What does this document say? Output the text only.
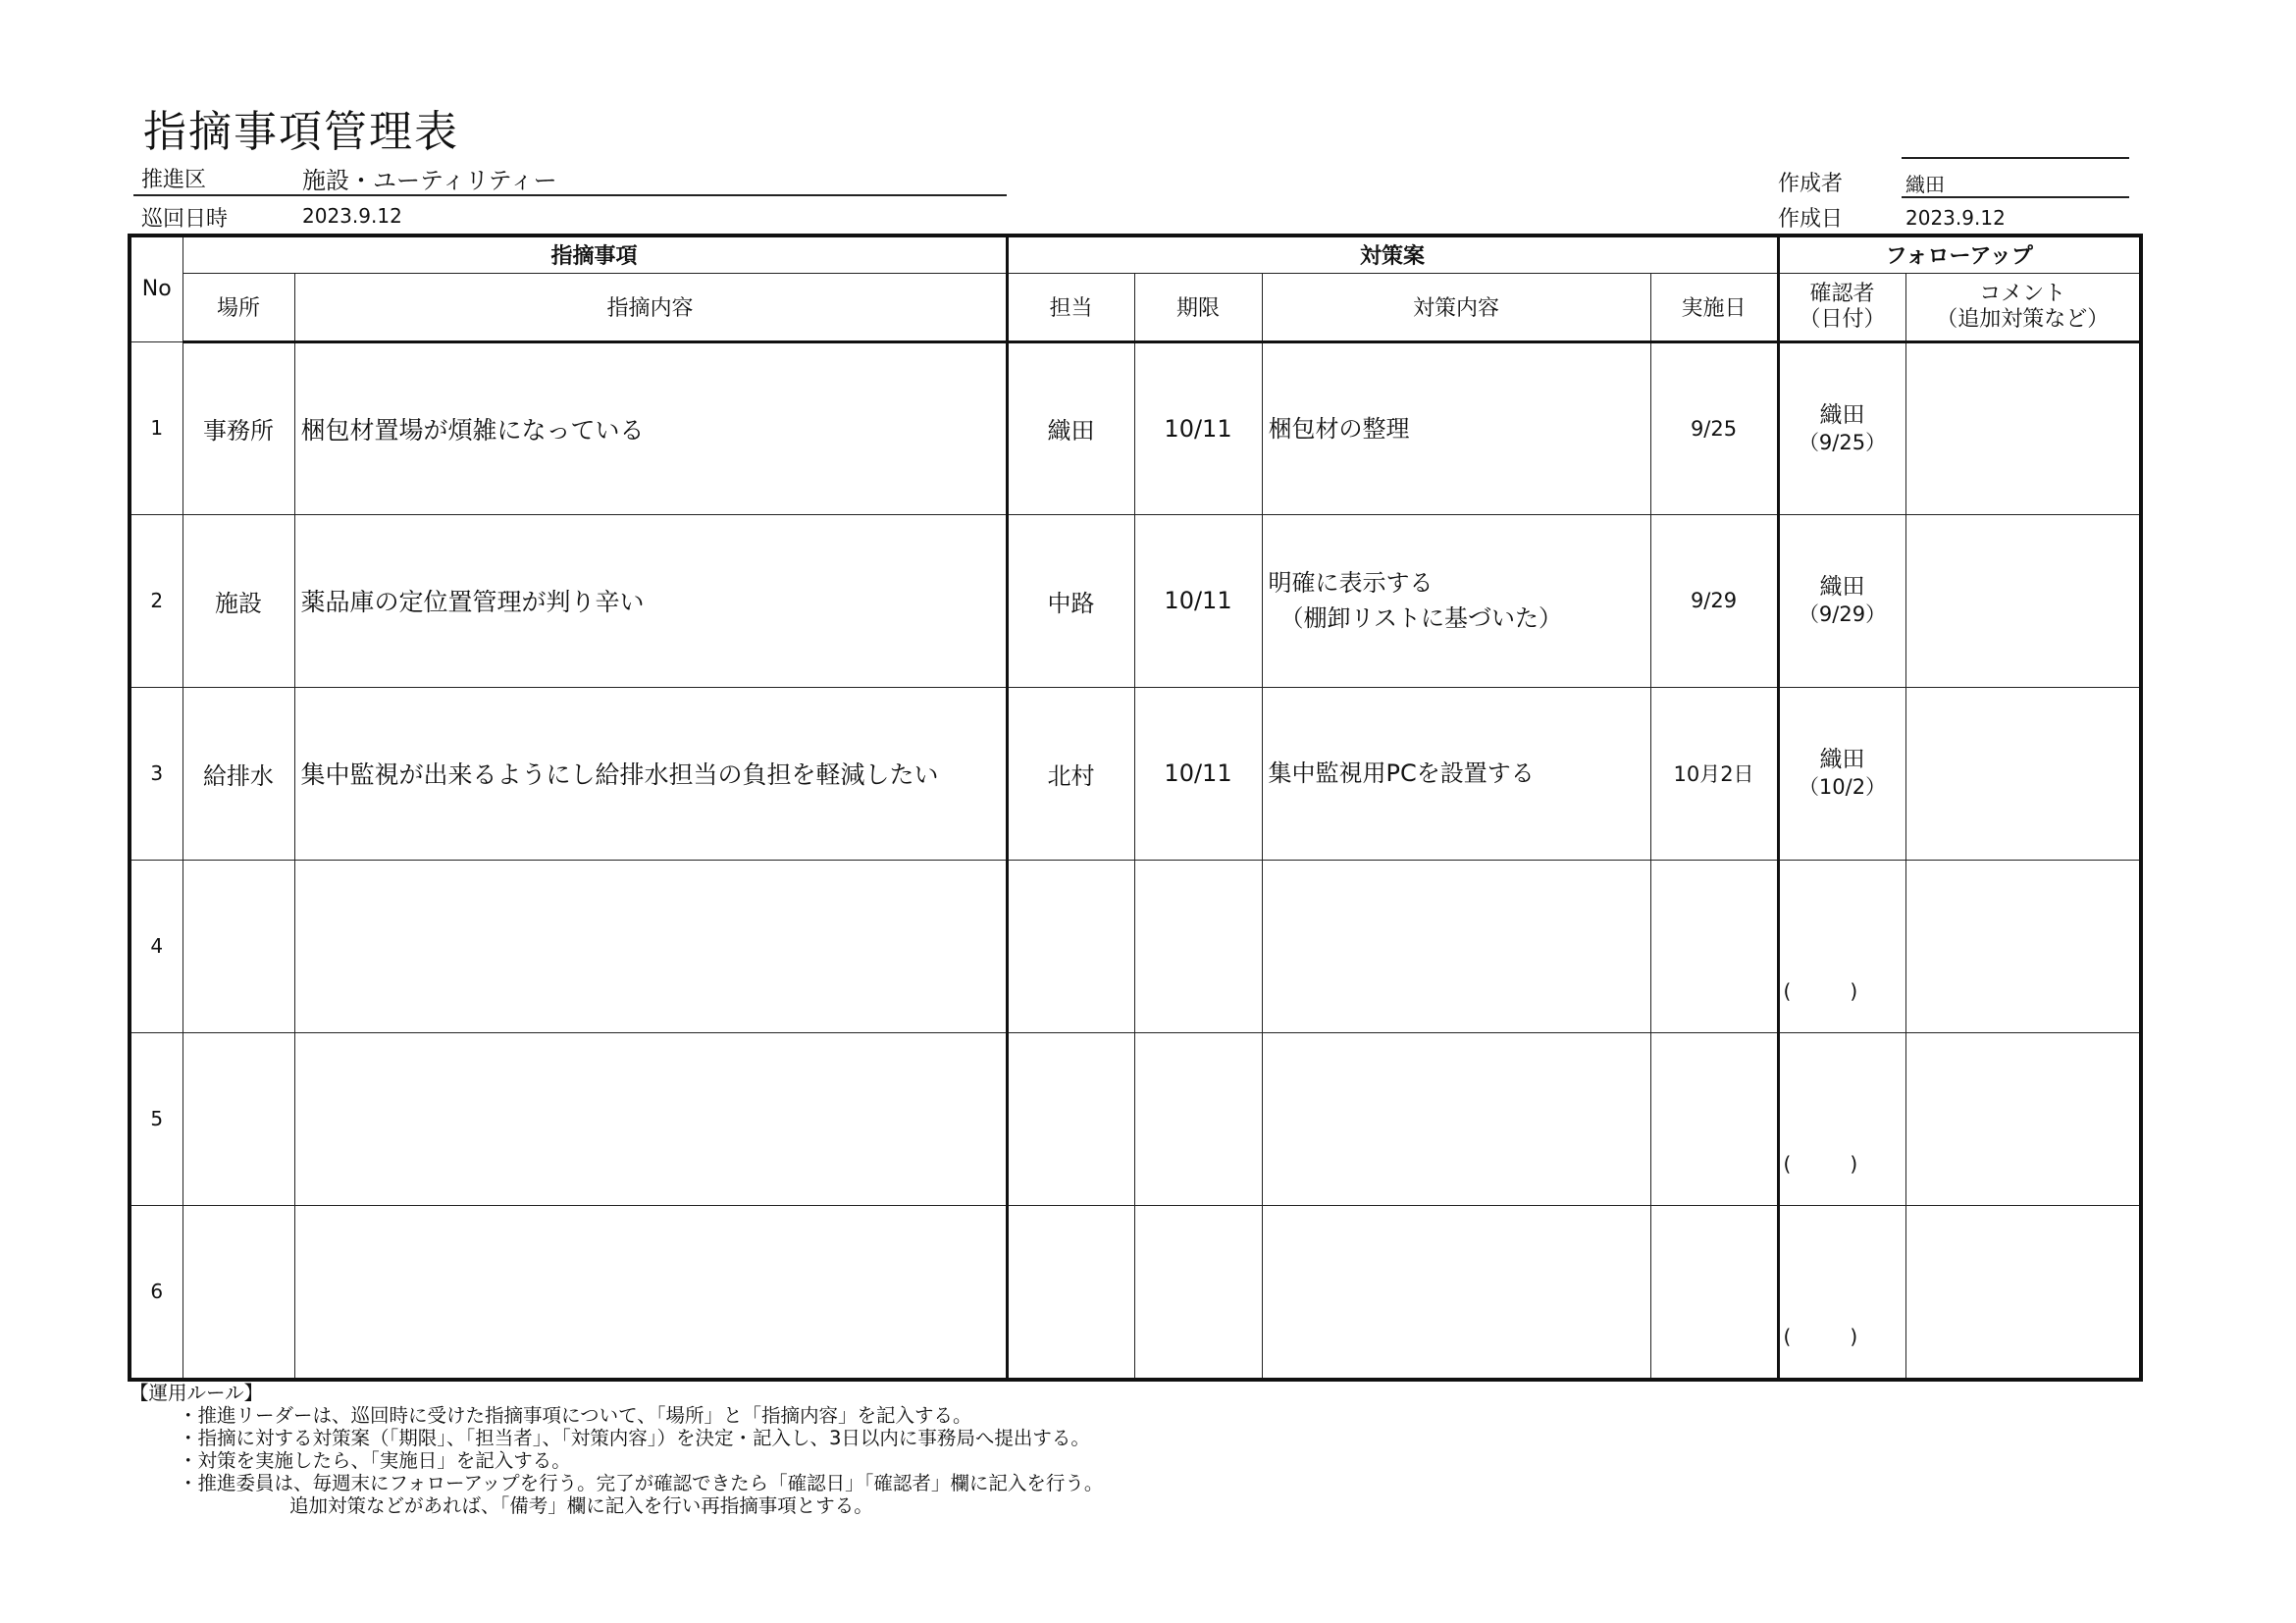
指摘事項管理表
推進区	施設・ユーティリティー
巡回日時	2023.9.12
作成者	織田
作成日	2023.9.12
No	指摘事項		対策案				フォローアップ	
	場所	指摘内容	担当	期限	対策内容	実施日	確認者
（日付）	コメント
（追加対策など）

1	事務所	梱包材置場が煩雑になっている	織田	10/11	梱包材の整理	9/25	織田
（9/25）	

2	施設	薬品庫の定位置管理が判り辛い	中路	10/11	明確に表示する
（棚卸リストに基づいた）	9/29	織田
（9/29）	

3	給排水	集中監視が出来るようにし給排水担当の負担を軽減したい	北村	10/11	集中監視用PCを設置する	10月2日	織田
（10/2）	

4							(　　　)	

5							(　　　)	

6							(　　　)	

【運用ルール】
・推進リーダーは、巡回時に受けた指摘事項について、「場所」と「指摘内容」を記入する。
・指摘に対する対策案（「期限」、「担当者」、「対策内容」）を決定・記入し、3日以内に事務局へ提出する。
・対策を実施したら、「実施日」を記入する。
・推進委員は、毎週末にフォローアップを行う。完了が確認できたら「確認日」「確認者」欄に記入を行う。
追加対策などがあれば、「備考」欄に記入を行い再指摘事項とする。
